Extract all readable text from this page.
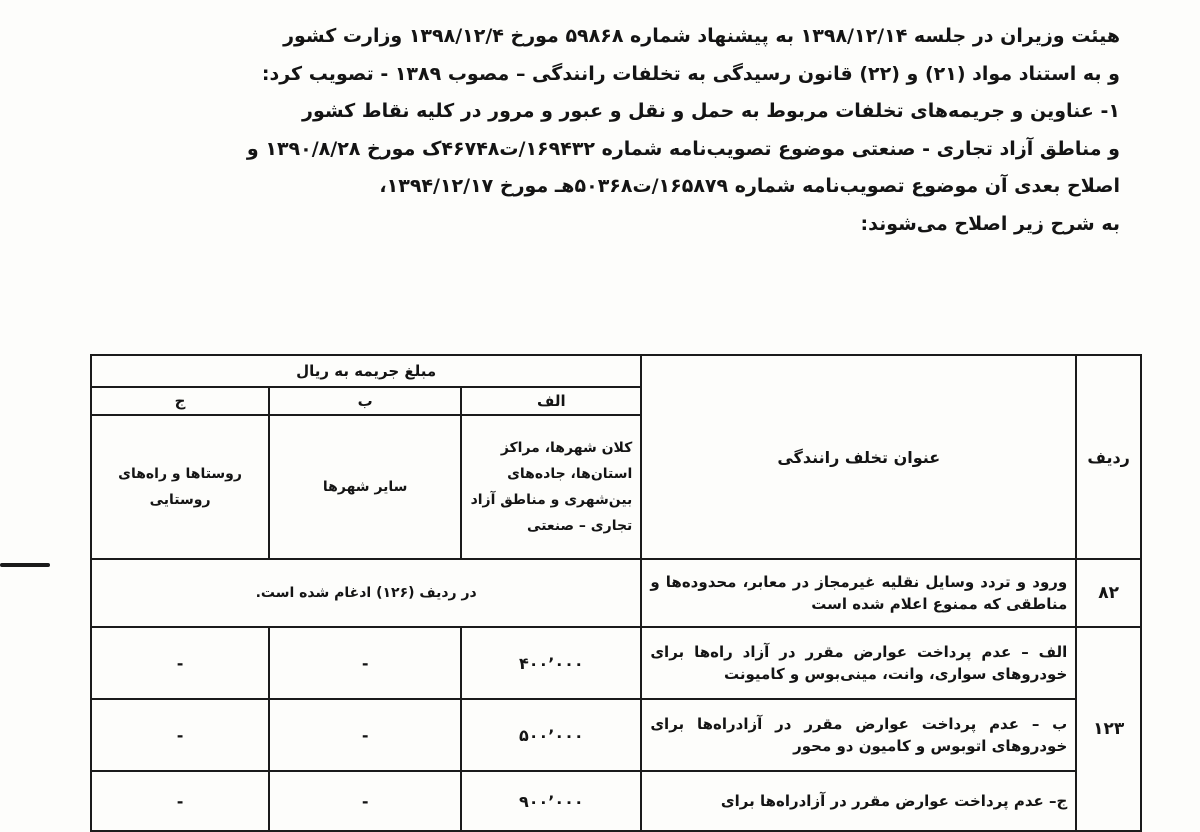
هیئت وزیران در جلسه ۱۳۹۸/۱۲/۱۴ به پیشنهاد شماره ۵۹۸۶۸ مورخ ۱۳۹۸/۱۲/۴ وزارت کشور

و به استناد مواد (۲۱) و (۲۲) قانون رسیدگی به تخلفات رانندگی – مصوب ۱۳۸۹ - تصویب کرد:

۱- عناوین و جریمه‌های تخلفات مربوط به حمل و نقل و عبور و مرور در کلیه نقاط کشور

و مناطق آزاد تجاری - صنعتی موضوع تصویب‌نامه شماره ۱۶۹۴۳۲/ت۴۶۷۴۸ک مورخ ۱۳۹۰/۸/۲۸ و

اصلاح بعدی آن موضوع تصویب‌نامه شماره ۱۶۵۸۷۹/ت۵۰۳۶۸هـ مورخ ۱۳۹۴/۱۲/۱۷،

به شرح زیر اصلاح می‌شوند:

ردیف	عنوان تخلف رانندگی	مبلغ جریمه به ریال		
		الف	ب	ج
		کلان شهرها، مراکز استان‌ها، جاده‌های بین‌شهری و مناطق آزاد تجاری – صنعتی	سایر شهرها	روستاها و راه‌های روستایی
۸۲	ورود و تردد وسایل نقلیه غیرمجاز در معابر، محدوده‌ها و مناطقی که ممنوع اعلام شده است	در ردیف (۱۲۶) ادغام شده است.		
۱۲۳	الف – عدم پرداخت عوارض مقرر در آزاد راه‌ها برای خودروهای سواری، وانت، مینی‌بوس و کامیونت	۴۰۰٬۰۰۰	-	-
	ب – عدم پرداخت عوارض مقرر در آزادراه‌ها برای خودروهای اتوبوس و کامیون دو محور	۵۰۰٬۰۰۰	-	-
	ج– عدم پرداخت عوارض مقرر در آزادراه‌ها برای	۹۰۰٬۰۰۰	-	-
